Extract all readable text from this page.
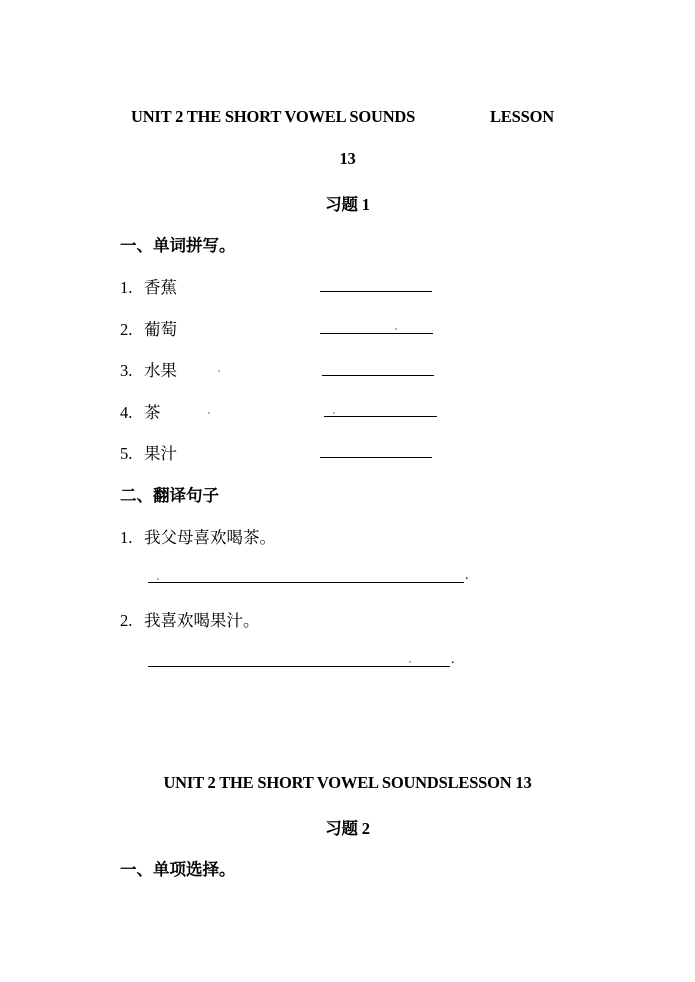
UNIT 2 THE SHORT VOWEL SOUNDS	LESSON
13
习题 1
一、单词拼写。
1. 香蕉
2. 葡萄
3. 水果
4. 茶
5. 果汁
二、翻译句子
1. 我父母喜欢喝茶。
.
2. 我喜欢喝果汁。
.
UNIT 2 THE SHORT VOWEL SOUNDSLESSON 13
习题 2
一、单项选择。
